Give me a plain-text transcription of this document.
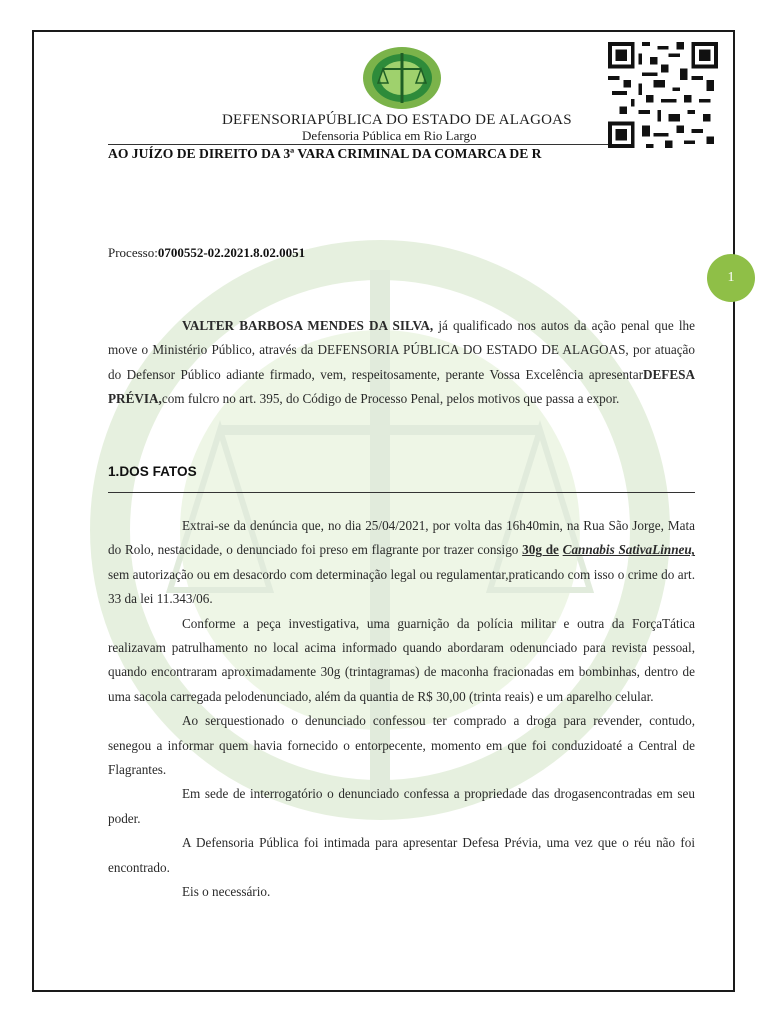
DEFENSORIAPÚBLICA DO ESTADO DE ALAGOAS
Defensoria Pública em Rio Largo
AO JUÍZO DE DIREITO DA 3ª VARA CRIMINAL DA COMARCA DE R
Processo:0700552-02.2021.8.02.0051
1

VALTER BARBOSA MENDES DA SILVA, já qualificado nos autos da ação penal que lhe move o Ministério Público, através da DEFENSORIA PÚBLICA DO ESTADO DE ALAGOAS, por atuação do Defensor Público adiante firmado, vem, respeitosamente, perante Vossa Excelência apresentarDEFESA PRÉVIA,com fulcro no art. 395, do Código de Processo Penal, pelos motivos que passa a expor.

1.DOS FATOS

Extrai-se da denúncia que, no dia 25/04/2021, por volta das 16h40min, na Rua São Jorge, Mata do Rolo, nestacidade, o denunciado foi preso em flagrante por trazer consigo 30g de Cannabis SativaLinneu, sem autorização ou em desacordo com determinação legal ou regulamentar,praticando com isso o crime do art. 33 da lei 11.343/06.

Conforme a peça investigativa, uma guarnição da polícia militar e outra da ForçaTática realizavam patrulhamento no local acima informado quando abordaram odenunciado para revista pessoal, quando encontraram aproximadamente 30g (trintagramas) de maconha fracionadas em bombinhas, dentro de uma sacola carregada pelodenunciado, além da quantia de R$ 30,00 (trinta reais) e um aparelho celular.

Ao serquestionado o denunciado confessou ter comprado a droga para revender, contudo, senegou a informar quem havia fornecido o entorpecente, momento em que foi conduzidoaté a Central de Flagrantes.

Em sede de interrogatório o denunciado confessa a propriedade das drogasencontradas em seu poder.

A Defensoria Pública foi intimada para apresentar Defesa Prévia, uma vez que o réu não foi encontrado.

Eis o necessário.
